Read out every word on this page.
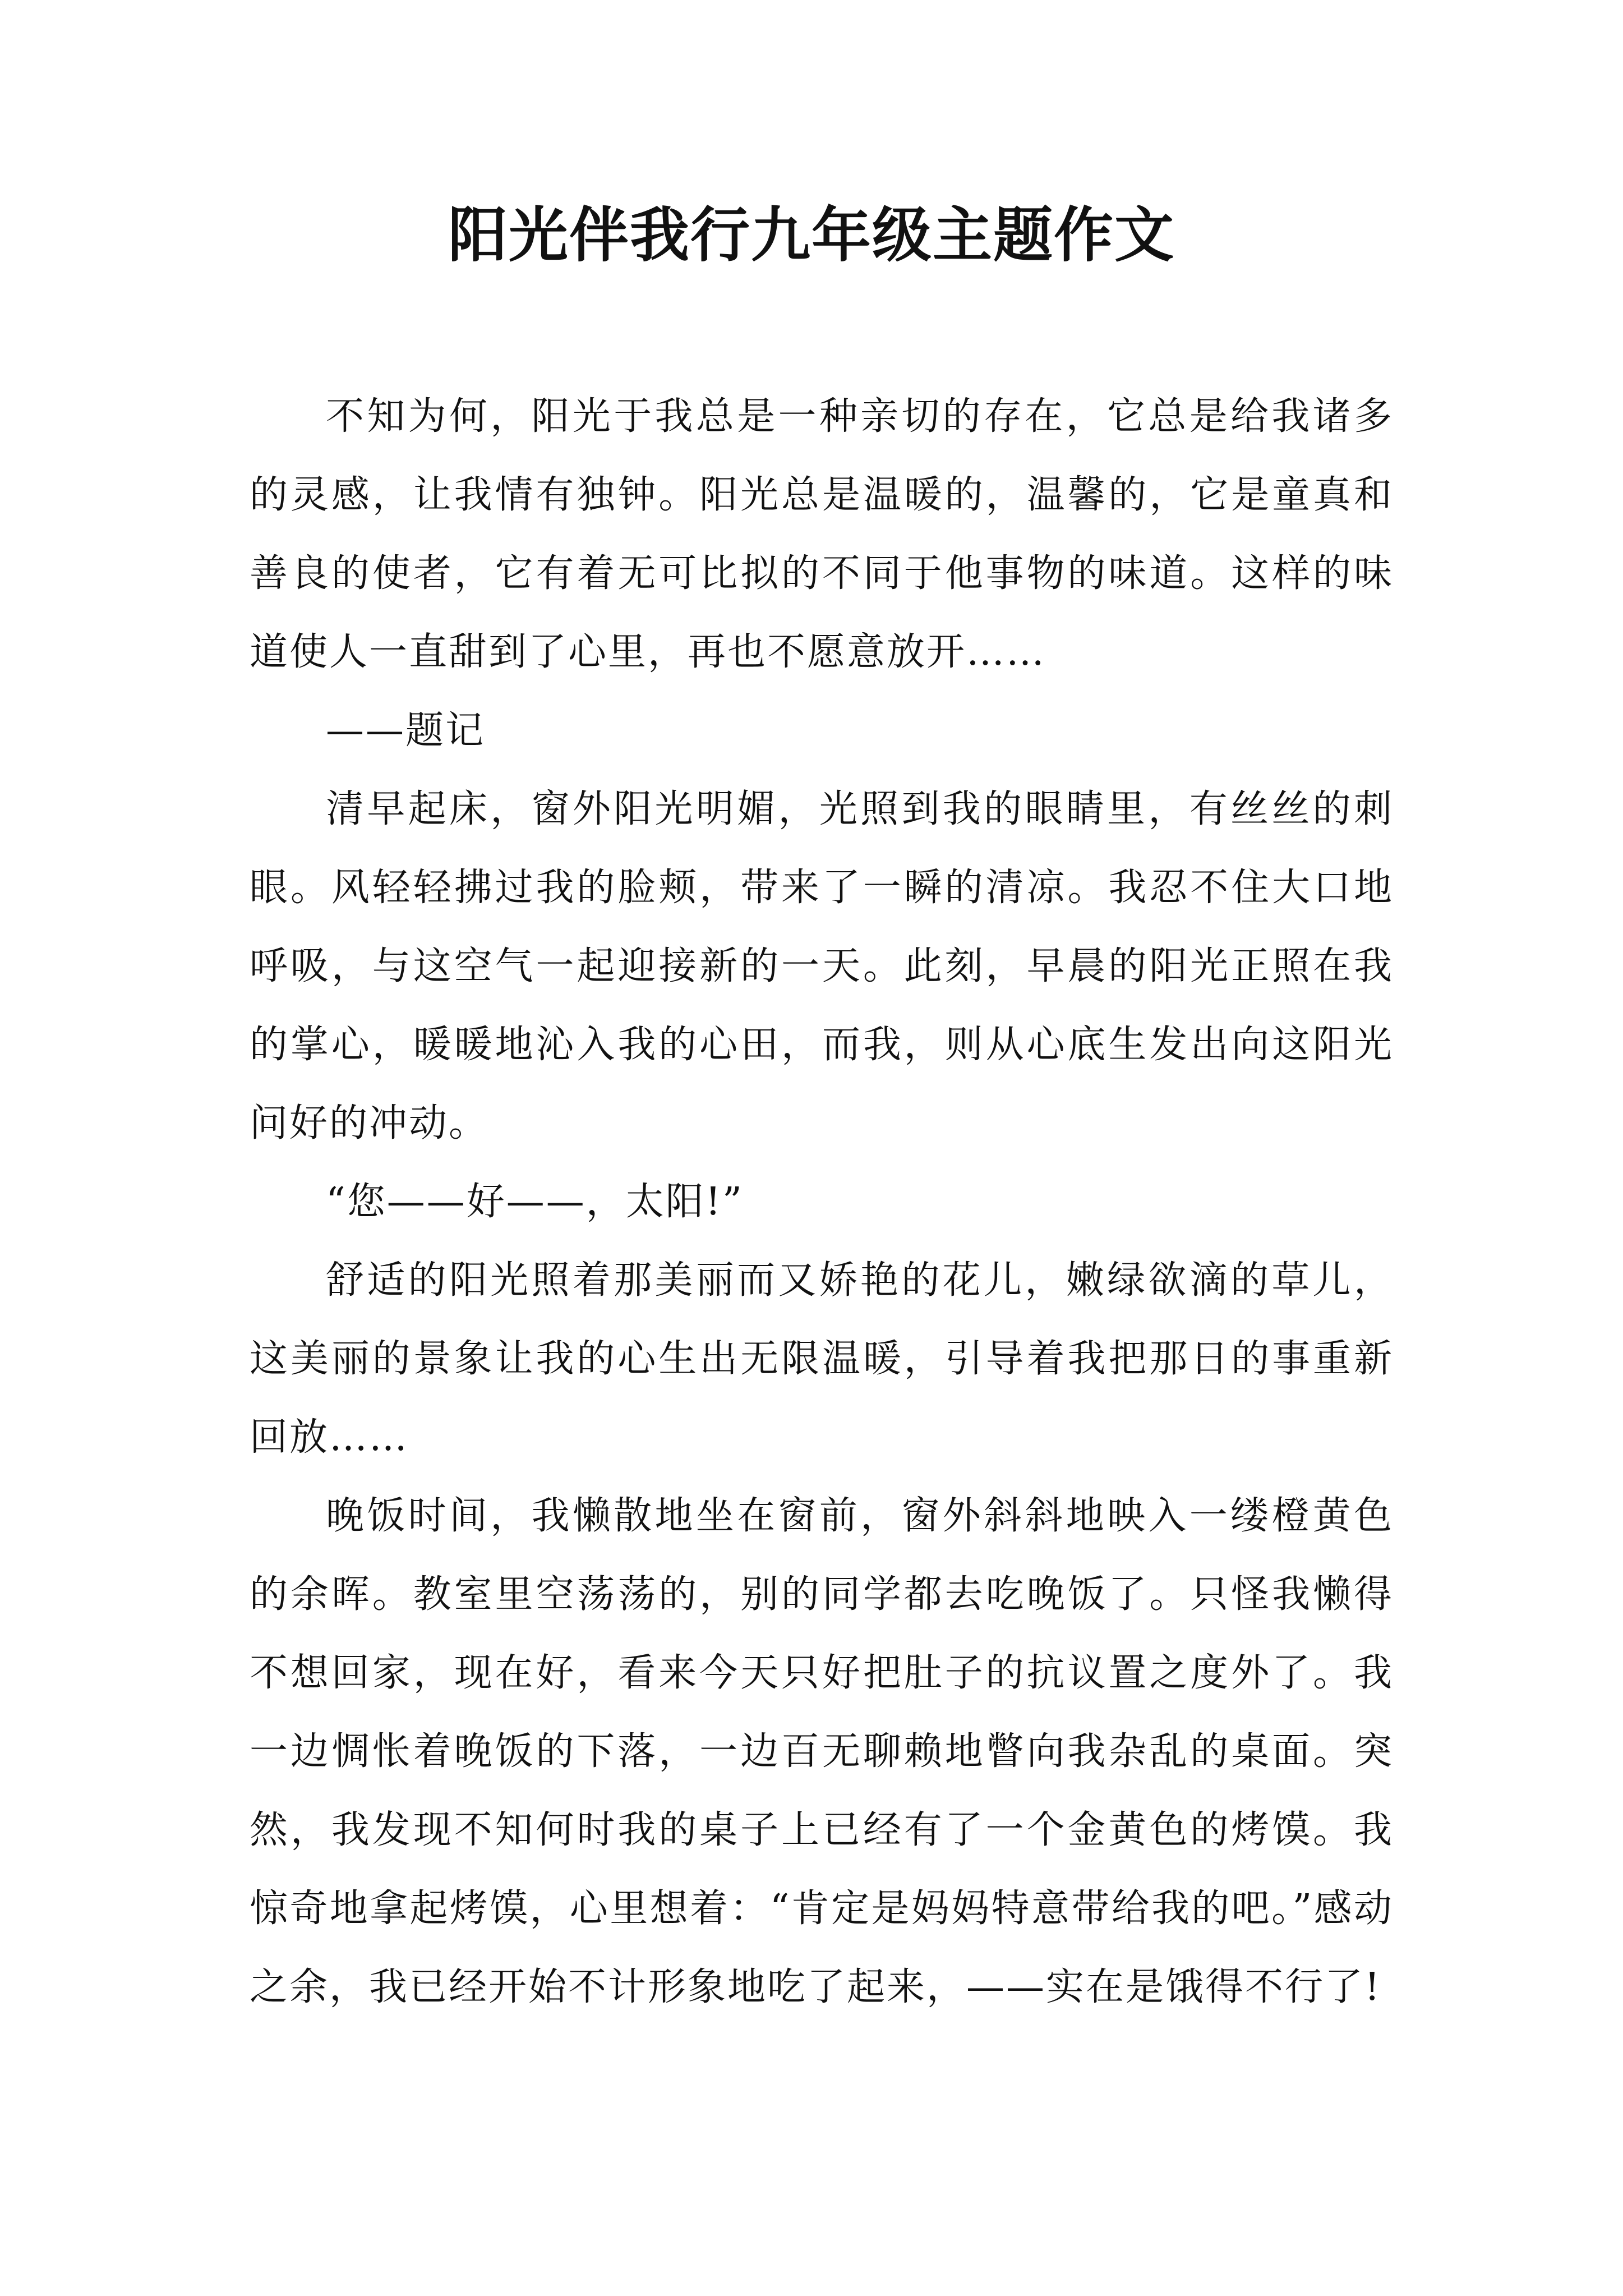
阳光伴我行九年级主题作文

不知为何，阳光于我总是一种亲切的存在，它总是给我诸多的灵感，让我情有独钟。阳光总是温暖的，温馨的，它是童真和善良的使者，它有着无可比拟的不同于他事物的味道。这样的味道使人一直甜到了心里，再也不愿意放开……

——题记

清早起床，窗外阳光明媚，光照到我的眼睛里，有丝丝的刺眼。风轻轻拂过我的脸颊，带来了一瞬的清凉。我忍不住大口地呼吸，与这空气一起迎接新的一天。此刻，早晨的阳光正照在我的掌心，暖暖地沁入我的心田，而我，则从心底生发出向这阳光问好的冲动。

“您——好——，太阳!”

舒适的阳光照着那美丽而又娇艳的花儿，嫩绿欲滴的草儿，这美丽的景象让我的心生出无限温暖，引导着我把那日的事重新回放……

晚饭时间，我懒散地坐在窗前，窗外斜斜地映入一缕橙黄色的余晖。教室里空荡荡的，别的同学都去吃晚饭了。只怪我懒得不想回家，现在好，看来今天只好把肚子的抗议置之度外了。我一边惆怅着晚饭的下落，一边百无聊赖地瞥向我杂乱的桌面。突然，我发现不知何时我的桌子上已经有了一个金黄色的烤馍。我惊奇地拿起烤馍，心里想着：“肯定是妈妈特意带给我的吧。”感动之余，我已经开始不计形象地吃了起来，——实在是饿得不行了!
